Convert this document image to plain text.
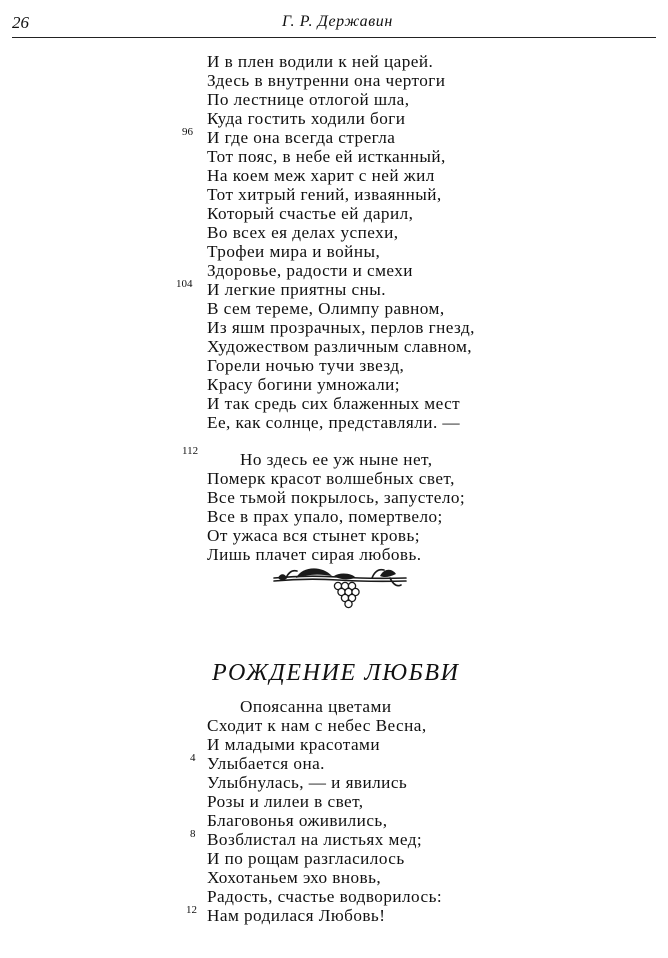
26	Г. Р. Державин
И в плен водили к ней царей.
Здесь в внутренни она чертоги
По лестнице отлогой шла,
Куда гостить ходили боги
И где она всегда стрегла
Тот пояс, в небе ей истканный,
На коем меж харит с ней жил
Тот хитрый гений, изваянный,
Который счастье ей дарил,
Во всех ея делах успехи,
Трофеи мира и войны,
Здоровье, радости и смехи
И легкие приятны сны.
В сем тереме, Олимпу равном,
Из яшм прозрачных, перлов гнезд,
Художеством различным славном,
Горели ночью тучи звезд,
Красу богини умножали;
И так средь сих блаженных мест
Ее, как солнце, представляли. —
Но здесь ее уж ныне нет,
Померк красот волшебных свет,
Все тьмой покрылось, запустело;
Все в прах упало, помертвело;
От ужаса вся стынет кровь;
Лишь плачет сирая любовь.
96
104
112
РОЖДЕНИЕ ЛЮБВИ
Опоясанна цветами
Сходит к нам с небес Весна,
И младыми красотами
Улыбается она.
Улыбнулась, — и явились
Розы и лилеи в свет,
Благовонья оживились,
Возблистал на листьях мед;
И по рощам разгласилось
Хохотаньем эхо вновь,
Радость, счастье водворилось:
Нам родилася Любовь!
4
8
12
